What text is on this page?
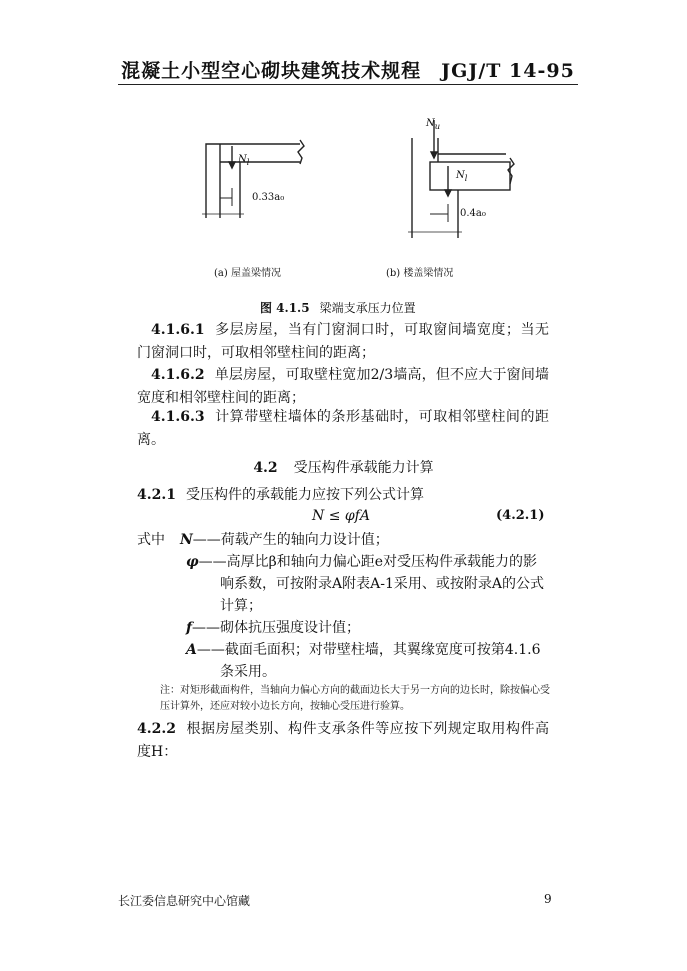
混凝土小型空心砌块建筑技术规程　JGJ/T 14-95
$N_l$
0.33a₀
(a) 屋盖梁情况
$N_u$
$N_l$
0.4a₀
(b) 楼盖梁情况
图 4.1.5 梁端支承压力位置
4.1.6.1 多层房屋，当有门窗洞口时，可取窗间墙宽度；当无门窗洞口时，可取相邻壁柱间的距离；
4.1.6.2 单层房屋，可取壁柱宽加2/3墙高，但不应大于窗间墙宽度和相邻壁柱间的距离；
4.1.6.3 计算带壁柱墙体的条形基础时，可取相邻壁柱间的距离。
4.2 受压构件承载能力计算
4.2.1 受压构件的承载能力应按下列公式计算
N ≤ φfA	(4.2.1)
式中 N——荷载产生的轴向力设计值；
φ——高厚比β和轴向力偏心距e对受压构件承载能力的影响系数，可按附录A附表A-1采用、或按附录A的公式计算；
f——砌体抗压强度设计值；
A——截面毛面积；对带壁柱墙，其翼缘宽度可按第4.1.6条采用。
注：对矩形截面构件，当轴向力偏心方向的截面边长大于另一方向的边长时，除按偏心受压计算外，还应对较小边长方向，按轴心受压进行验算。
4.2.2 根据房屋类别、构件支承条件等应按下列规定取用构件高度H：
长江委信息研究中心馆藏	9
